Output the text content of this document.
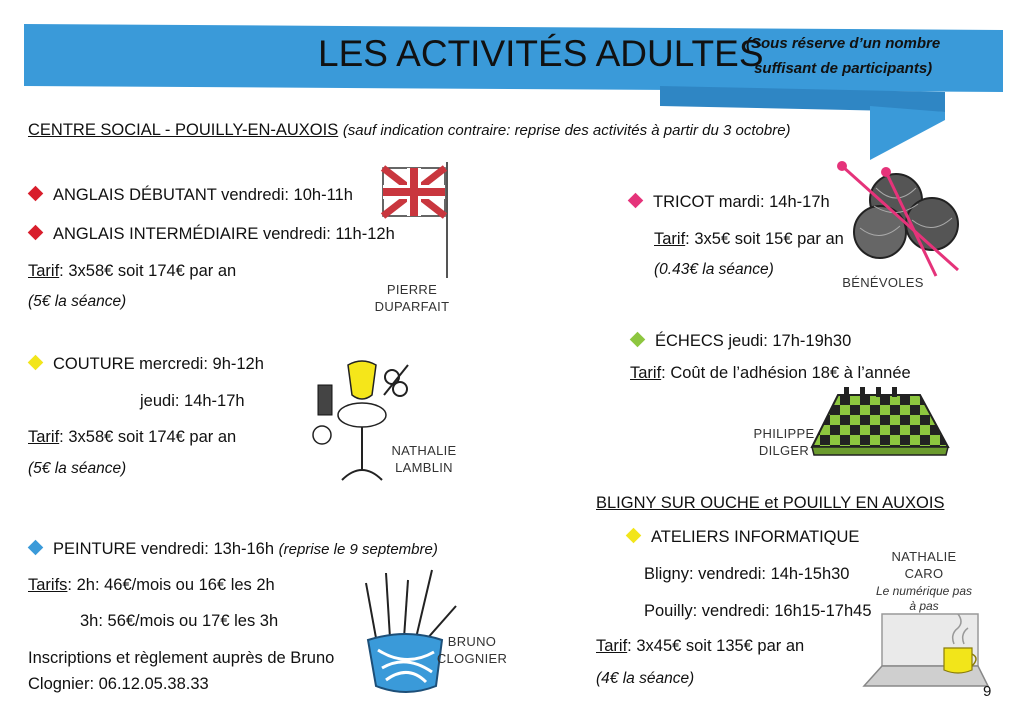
LES ACTIVITÉS ADULTES
(Sous réserve d’un nombre
suffisant de participants)
CENTRE SOCIAL - POUILLY-EN-AUXOIS (sauf indication contraire: reprise des activités à partir du 3 octobre)
ANGLAIS DÉBUTANT vendredi: 10h-11h
ANGLAIS INTERMÉDIAIRE vendredi: 11h-12h
Tarif: 3x58€ soit 174€ par an
(5€ la séance)
PIERRE
DUPARFAIT
COUTURE mercredi: 9h-12h
jeudi: 14h-17h
Tarif: 3x58€ soit 174€ par an
(5€ la séance)
NATHALIE
LAMBLIN
PEINTURE vendredi: 13h-16h (reprise le 9 septembre)
Tarifs: 2h: 46€/mois ou 16€ les 2h
3h: 56€/mois ou 17€ les 3h
Inscriptions et règlement auprès de Bruno
Clognier: 06.12.05.38.33
BRUNO
CLOGNIER
TRICOT mardi: 14h-17h
Tarif: 3x5€ soit 15€ par an
(0.43€ la séance)
BÉNÉVOLES
ÉCHECS jeudi: 17h-19h30
Tarif: Coût de l’adhésion 18€ à l’année
PHILIPPE
DILGER
BLIGNY SUR OUCHE et POUILLY EN AUXOIS
ATELIERS INFORMATIQUE
Bligny: vendredi: 14h-15h30
Pouilly: vendredi: 16h15-17h45
Tarif: 3x45€ soit 135€ par an
(4€ la séance)
NATHALIE
CARO
Le numérique pas
à pas
9
